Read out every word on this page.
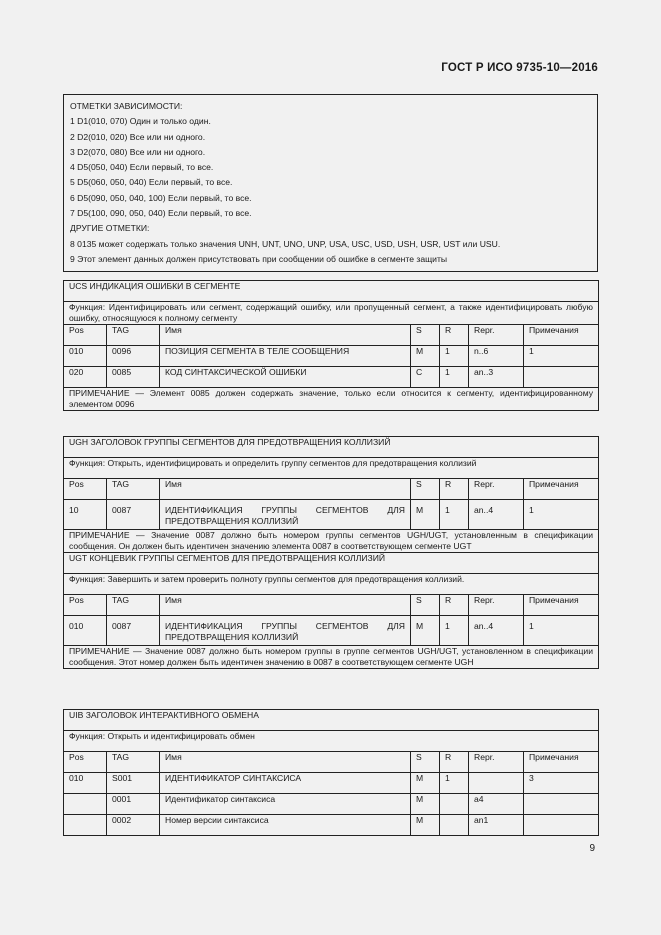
ГОСТ Р ИСО 9735-10—2016
ОТМЕТКИ ЗАВИСИМОСТИ:
1 D1(010, 070) Один и только один.
2 D2(010, 020) Все или ни одного.
3 D2(070, 080) Все или ни одного.
4 D5(050, 040) Если первый, то все.
5 D5(060, 050, 040) Если первый, то все.
6 D5(090, 050, 040, 100) Если первый, то все.
7 D5(100, 090, 050, 040) Если первый, то все.
ДРУГИЕ ОТМЕТКИ:
8 0135 может содержать только значения UNH, UNT, UNO, UNP, USA, USC, USD, USH, USR, UST или USU.
9 Этот элемент данных должен присутствовать при сообщении об ошибке в сегменте защиты
UCS ИНДИКАЦИЯ ОШИБКИ В СЕГМЕНТЕ						
Функция: Идентифицировать или сегмент, содержащий ошибку, или пропущенный сегмент, а также идентифицировать любую ошибку, относящуюся к полному сегменту						
Pos	TAG	Имя	S	R	Repr.	Примечания
010	0096	ПОЗИЦИЯ СЕГМЕНТА В ТЕЛЕ СООБЩЕНИЯ	M	1	n..6	1
020	0085	КОД СИНТАКСИЧЕСКОЙ ОШИБКИ	C	1	an..3	
ПРИМЕЧАНИЕ — Элемент 0085 должен содержать значение, только если относится к сегменту, идентифицированному элементом 0096						
UGH ЗАГОЛОВОК ГРУППЫ СЕГМЕНТОВ ДЛЯ ПРЕДОТВРАЩЕНИЯ КОЛЛИЗИЙ						
Функция: Открыть, идентифицировать и определить группу сегментов для предотвращения коллизий						
Pos	TAG	Имя	S	R	Repr.	Примечания
10	0087	ИДЕНТИФИКАЦИЯ ГРУППЫ СЕГМЕНТОВ ДЛЯ ПРЕДОТВРАЩЕНИЯ КОЛЛИЗИЙ	M	1	an..4	1
ПРИМЕЧАНИЕ — Значение 0087 должно быть номером группы сегментов UGH/UGT, установленным в спецификации сообщения. Он должен быть идентичен значению элемента 0087 в соответствующем сегменте UGT						
UGT КОНЦЕВИК ГРУППЫ СЕГМЕНТОВ ДЛЯ ПРЕДОТВРАЩЕНИЯ КОЛЛИЗИЙ						
Функция: Завершить и затем проверить полноту группы сегментов для предотвращения коллизий.						
Pos	TAG	Имя	S	R	Repr.	Примечания
010	0087	ИДЕНТИФИКАЦИЯ ГРУППЫ СЕГМЕНТОВ ДЛЯ ПРЕДОТВРАЩЕНИЯ КОЛЛИЗИЙ	M	1	an..4	1
ПРИМЕЧАНИЕ — Значение 0087 должно быть номером группы в группе сегментов UGH/UGT, установленном в спецификации сообщения. Этот номер должен быть идентичен значению в 0087 в соответствующем сегменте UGH						
UIB ЗАГОЛОВОК ИНТЕРАКТИВНОГО ОБМЕНА						
Функция: Открыть и идентифицировать обмен						
Pos	TAG	Имя	S	R	Repr.	Примечания
010	S001	ИДЕНТИФИКАТОР СИНТАКСИСА	M	1		3
	0001	Идентификатор синтаксиса	M		a4	
	0002	Номер версии синтаксиса	M		an1	
9
